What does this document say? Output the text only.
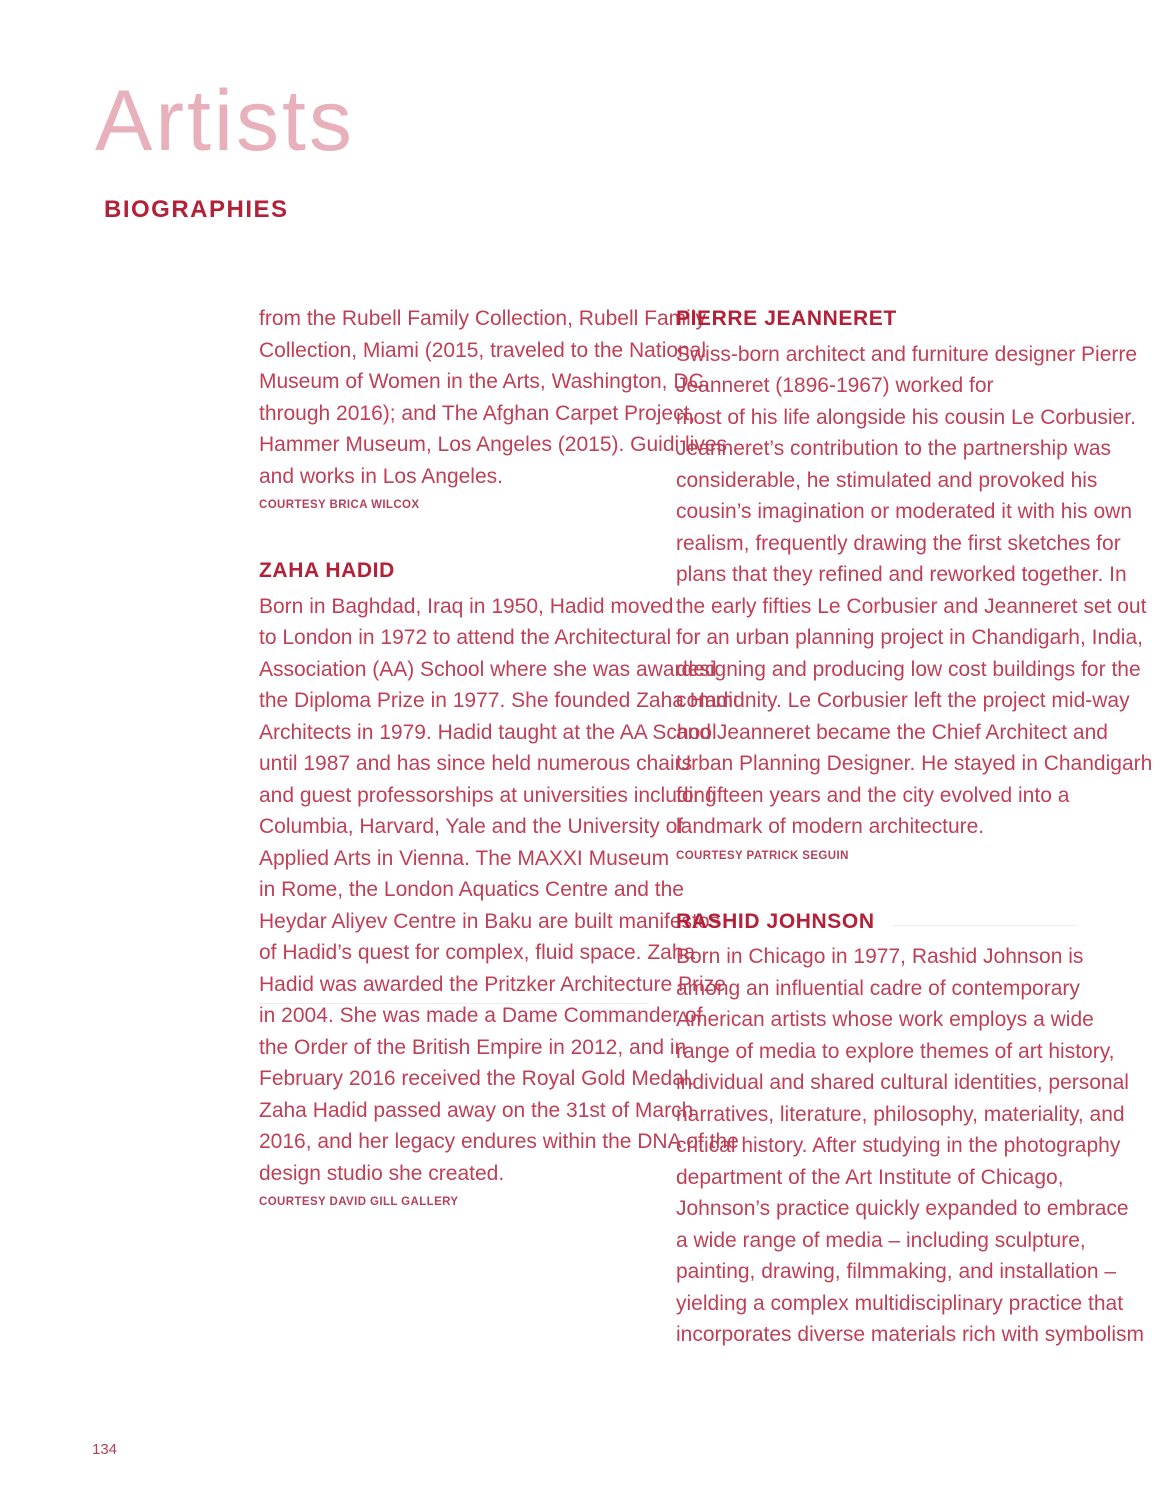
Artists
BIOGRAPHIES
from the Rubell Family Collection, Rubell Family
Collection, Miami (2015, traveled to the National
Museum of Women in the Arts, Washington, DC,
through 2016); and The Afghan Carpet Project,
Hammer Museum, Los Angeles (2015). Guidi lives
and works in Los Angeles.
COURTESY BRICA WILCOX
ZAHA HADID
Born in Baghdad, Iraq in 1950, Hadid moved
to London in 1972 to attend the Architectural
Association (AA) School where she was awarded
the Diploma Prize in 1977. She founded Zaha Hadid
Architects in 1979. Hadid taught at the AA School
until 1987 and has since held numerous chairs
and guest professorships at universities including
Columbia, Harvard, Yale and the University of
Applied Arts in Vienna. The MAXXI Museum
in Rome, the London Aquatics Centre and the
Heydar Aliyev Centre in Baku are built manifestos
of Hadid’s quest for complex, fluid space. Zaha
Hadid was awarded the Pritzker Architecture Prize
in 2004. She was made a Dame Commander of
the Order of the British Empire in 2012, and in
February 2016 received the Royal Gold Medal.
Zaha Hadid passed away on the 31st of March
2016, and her legacy endures within the DNA of the
design studio she created.
COURTESY DAVID GILL GALLERY
PIERRE JEANNERET
Swiss-born architect and furniture designer Pierre
Jeanneret (1896-1967) worked for
most of his life alongside his cousin Le Corbusier.
Jeanneret’s contribution to the partnership was
considerable, he stimulated and provoked his
cousin’s imagination or moderated it with his own
realism, frequently drawing the first sketches for
plans that they refined and reworked together. In
the early fifties Le Corbusier and Jeanneret set out
for an urban planning project in Chandigarh, India,
designing and producing low cost buildings for the
community. Le Corbusier left the project mid-way
and Jeanneret became the Chief Architect and
Urban Planning Designer. He stayed in Chandigarh
for fifteen years and the city evolved into a
landmark of modern architecture.
COURTESY PATRICK SEGUIN
RASHID JOHNSON
Born in Chicago in 1977, Rashid Johnson is
among an influential cadre of contemporary
American artists whose work employs a wide
range of media to explore themes of art history,
individual and shared cultural identities, personal
narratives, literature, philosophy, materiality, and
critical history. After studying in the photography
department of the Art Institute of Chicago,
Johnson’s practice quickly expanded to embrace
a wide range of media – including sculpture,
painting, drawing, filmmaking, and installation –
yielding a complex multidisciplinary practice that
incorporates diverse materials rich with symbolism
134
